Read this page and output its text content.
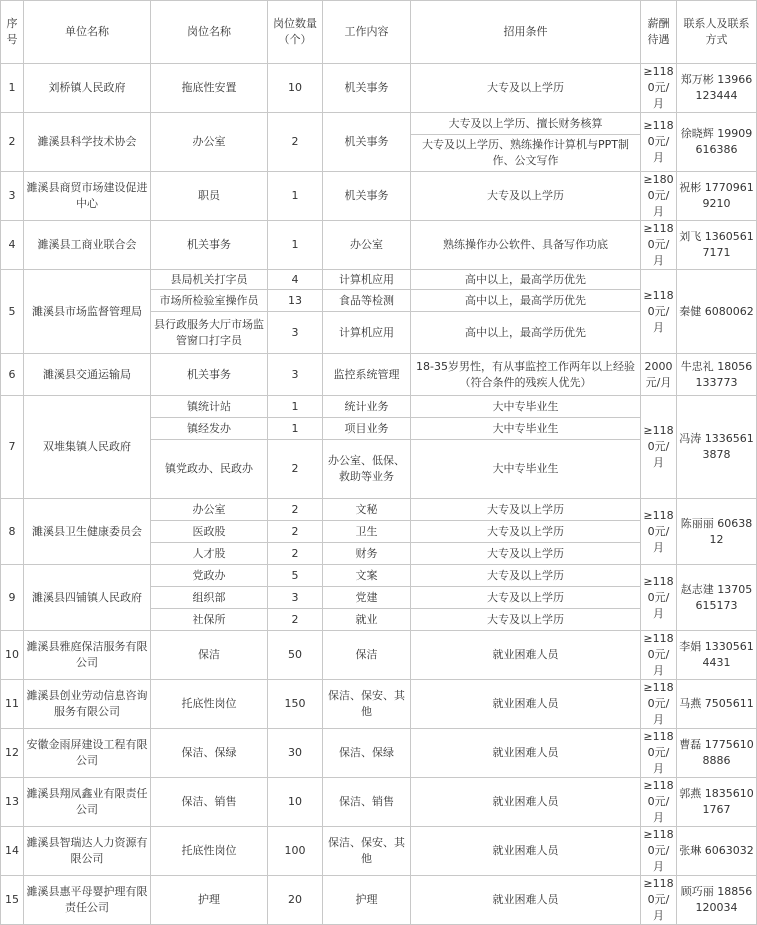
序号	单位名称	岗位名称	岗位数量（个）	工作内容	招用条件	薪酬待遇	联系人及联系方式
1	刘桥镇人民政府	拖底性安置	10	机关事务	大专及以上学历	≥1180元/月	郑万彬 13966123444
2	濉溪县科学技术协会	办公室	2	机关事务	大专及以上学历、擅长财务核算	≥1180元/月	徐晓辉 19909616386
					大专及以上学历、熟练操作计算机与PPT制作、公文写作		
3	濉溪县商贸市场建设促进中心	职员	1	机关事务	大专及以上学历	≥1800元/月	祝彬 17709619210
4	濉溪县工商业联合会	机关事务	1	办公室	熟练操作办公软件、具备写作功底	≥1180元/月	刘飞 13605617171
5	濉溪县市场监督管理局	县局机关打字员	4	计算机应用	高中以上，最高学历优先	≥1180元/月	秦健 6080062
		市场所检验室操作员	13	食品等检测	高中以上，最高学历优先		
		县行政服务大厅市场监管窗口打字员	3	计算机应用	高中以上，最高学历优先		
6	濉溪县交通运输局	机关事务	3	监控系统管理	18-35岁男性，有从事监控工作两年以上经验（符合条件的残疾人优先）	2000元/月	牛忠礼 18056133773
7	双堆集镇人民政府	镇统计站	1	统计业务	大中专毕业生	≥1180元/月	冯涛 13365613878
		镇经发办	1	项目业务	大中专毕业生		
		镇党政办、民政办	2	办公室、低保、救助等业务	大中专毕业生		
8	濉溪县卫生健康委员会	办公室	2	文秘	大专及以上学历	≥1180元/月	陈丽丽 6063812
		医政股	2	卫生	大专及以上学历		
		人才股	2	财务	大专及以上学历		
9	濉溪县四铺镇人民政府	党政办	5	文案	大专及以上学历	≥1180元/月	赵志建 13705615173
		组织部	3	党建	大专及以上学历		
		社保所	2	就业	大专及以上学历		
10	濉溪县雅庭保洁服务有限公司	保洁	50	保洁	就业困难人员	≥1180元/月	李娟 13305614431
11	濉溪县创业劳动信息咨询服务有限公司	托底性岗位	150	保洁、保安、其他	就业困难人员	≥1180元/月	马燕 7505611
12	安徽金雨屏建设工程有限公司	保洁、保绿	30	保洁、保绿	就业困难人员	≥1180元/月	曹磊 17756108886
13	濉溪县翔凤鑫业有限责任公司	保洁、销售	10	保洁、销售	就业困难人员	≥1180元/月	郭燕 18356101767
14	濉溪县智瑞达人力资源有限公司	托底性岗位	100	保洁、保安、其他	就业困难人员	≥1180元/月	张琳 6063032
15	濉溪县惠平母婴护理有限责任公司	护理	20	护理	就业困难人员	≥1180元/月	顾巧丽 18856120034
